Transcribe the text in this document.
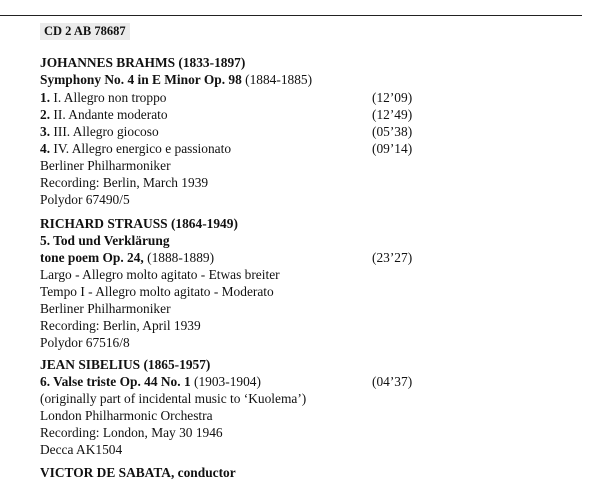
CD 2 AB 78687
JOHANNES BRAHMS (1833-1897)
Symphony No. 4 in E Minor Op. 98 (1884-1885)
1. I. Allegro non troppo	(12’09)
2. II. Andante moderato	(12’49)
3. III. Allegro giocoso	(05’38)
4. IV. Allegro energico e passionato	(09’14)
Berliner Philharmoniker
Recording: Berlin, March 1939
Polydor 67490/5
RICHARD STRAUSS (1864-1949)
5. Tod und Verklärung
tone poem Op. 24, (1888-1889)	(23’27)
Largo - Allegro molto agitato - Etwas breiter
Tempo I - Allegro molto agitato - Moderato
Berliner Philharmoniker
Recording: Berlin, April 1939
Polydor 67516/8
JEAN SIBELIUS (1865-1957)
6. Valse triste Op. 44 No. 1 (1903-1904)	(04’37)
(originally part of incidental music to ‘Kuolema’)
London Philharmonic Orchestra
Recording: London, May 30 1946
Decca AK1504
VICTOR DE SABATA, conductor
